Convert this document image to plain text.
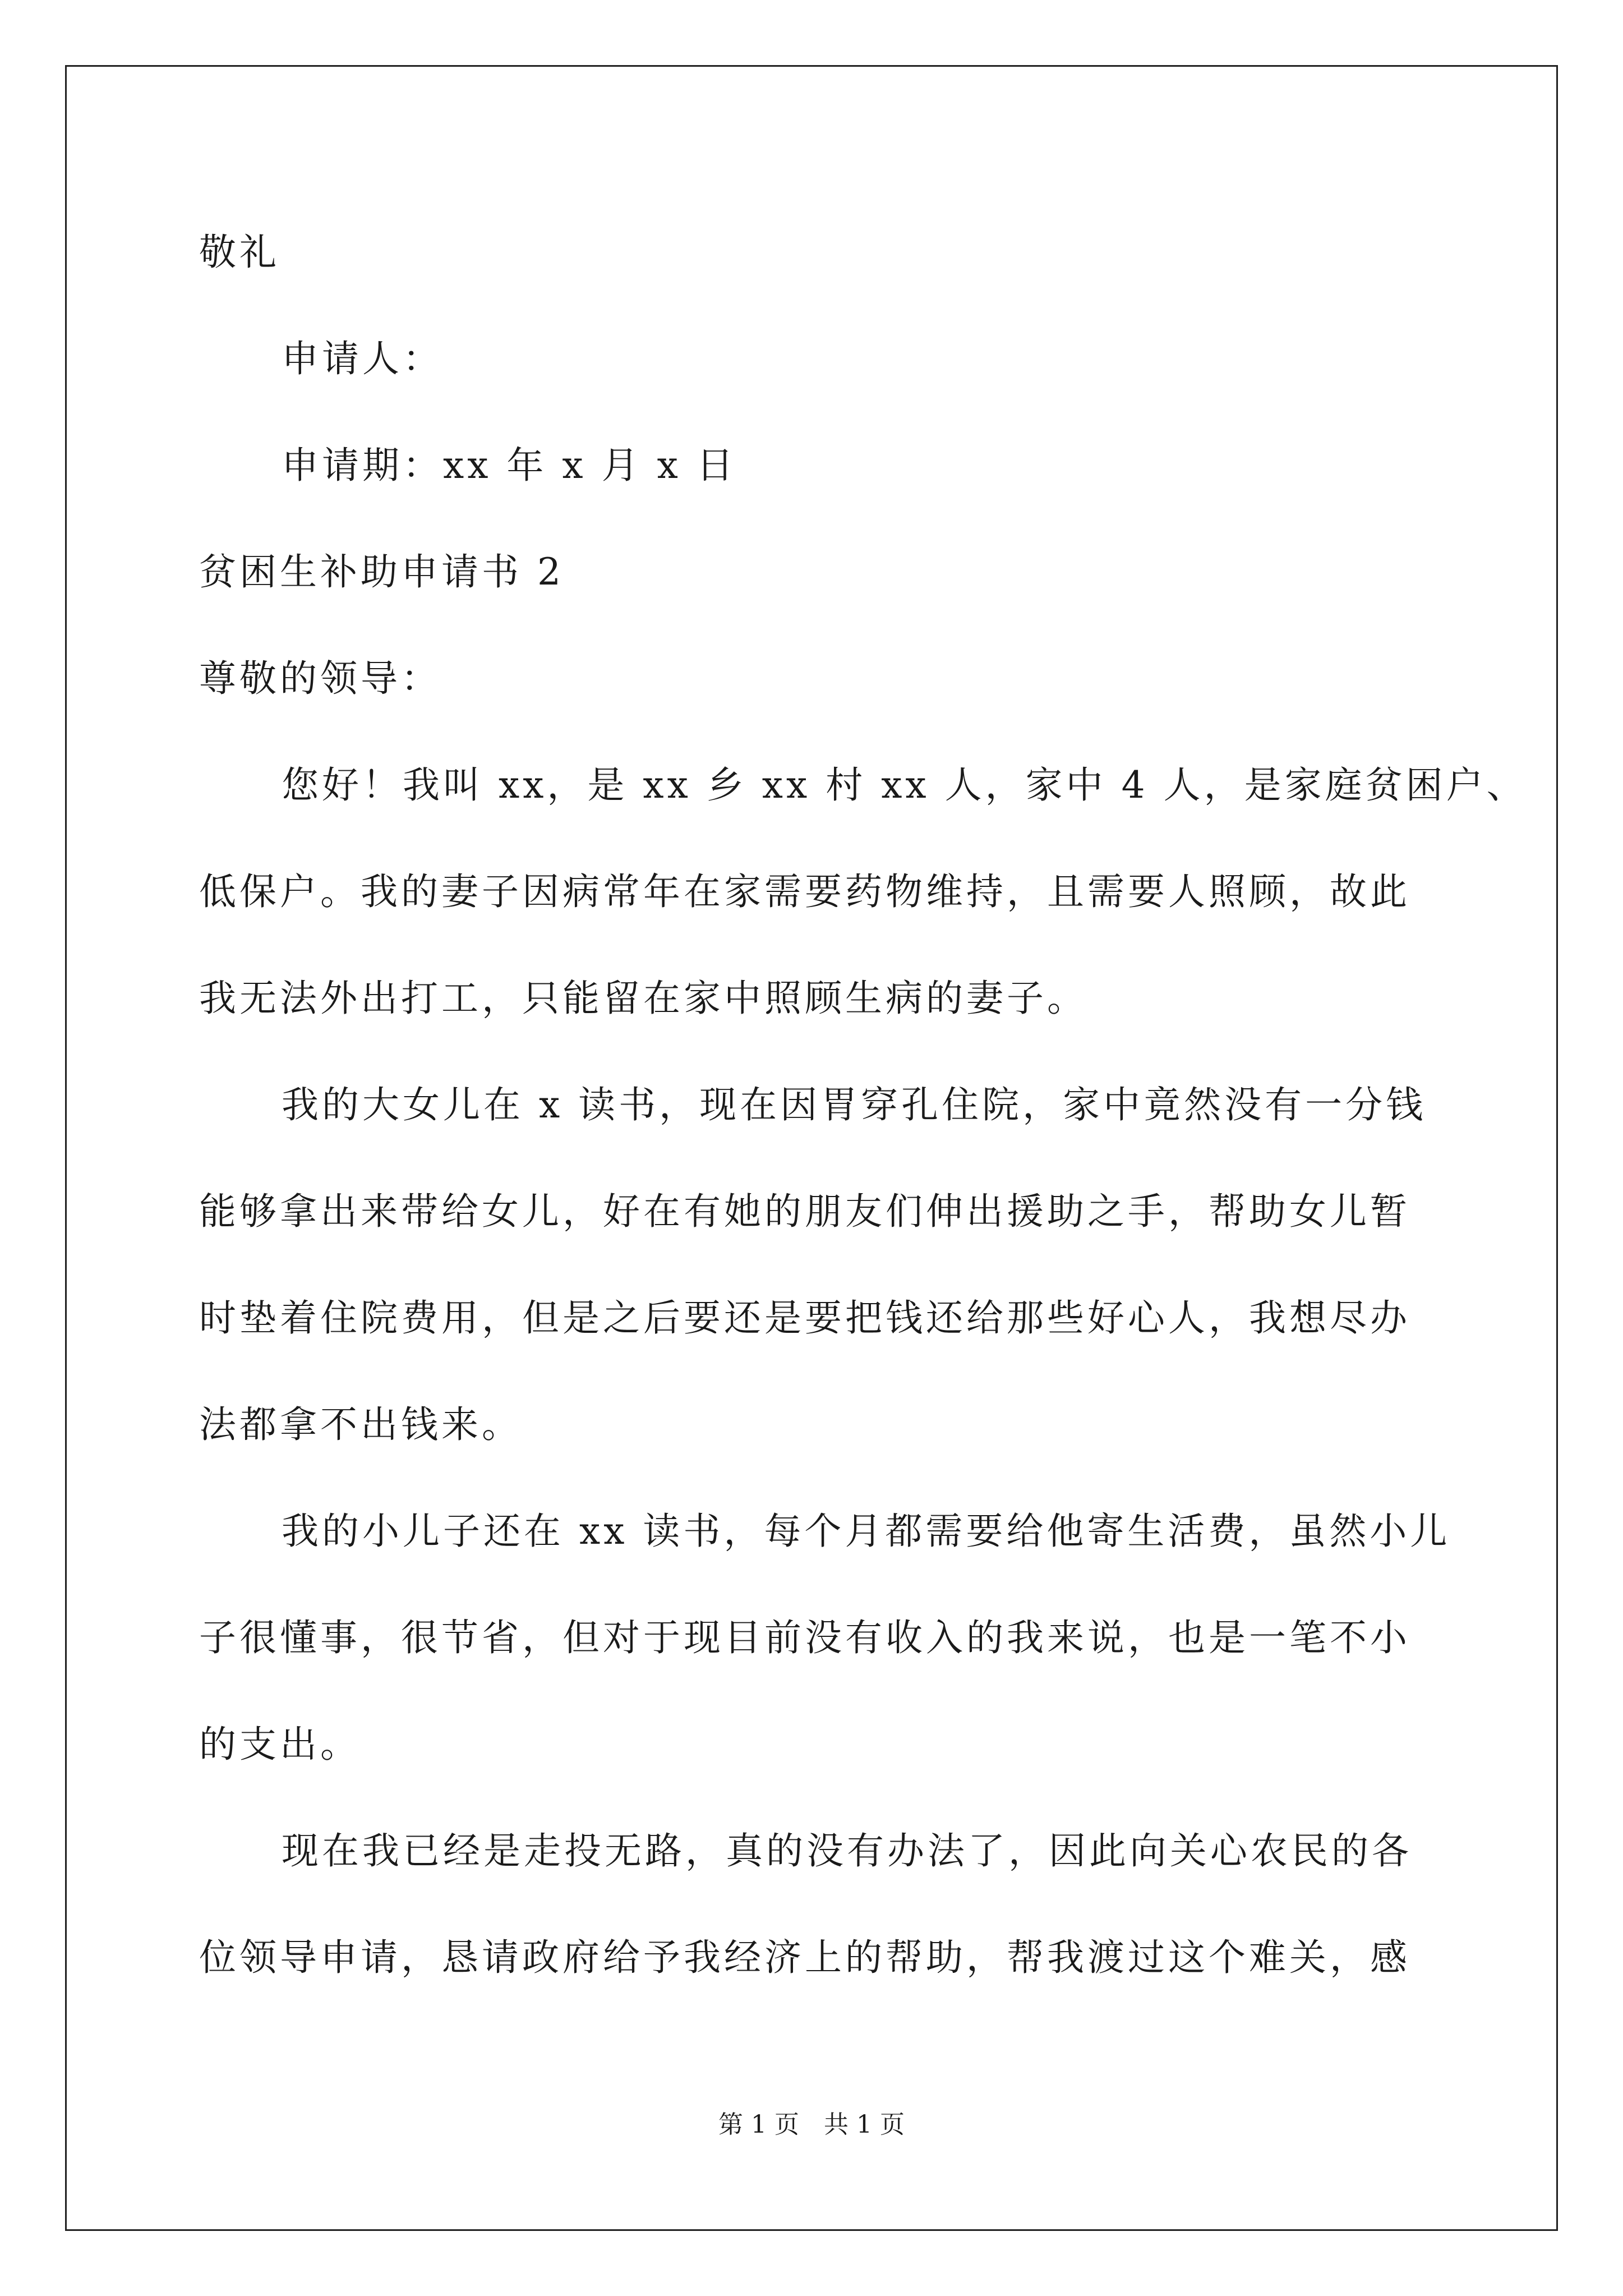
敬礼
申请人：
申请期：xx 年 x 月 x 日
贫困生补助申请书 2
尊敬的领导：
您好！我叫 xx，是 xx 乡 xx 村 xx 人，家中 4 人，是家庭贫困户、
低保户。我的妻子因病常年在家需要药物维持，且需要人照顾，故此
我无法外出打工，只能留在家中照顾生病的妻子。
我的大女儿在 x 读书，现在因胃穿孔住院，家中竟然没有一分钱
能够拿出来带给女儿，好在有她的朋友们伸出援助之手，帮助女儿暂
时垫着住院费用，但是之后要还是要把钱还给那些好心人，我想尽办
法都拿不出钱来。
我的小儿子还在 xx 读书，每个月都需要给他寄生活费，虽然小儿
子很懂事，很节省，但对于现目前没有收入的我来说，也是一笔不小
的支出。
现在我已经是走投无路，真的没有办法了，因此向关心农民的各
位领导申请，恳请政府给予我经济上的帮助，帮我渡过这个难关，感
第 1 页　共 1 页
